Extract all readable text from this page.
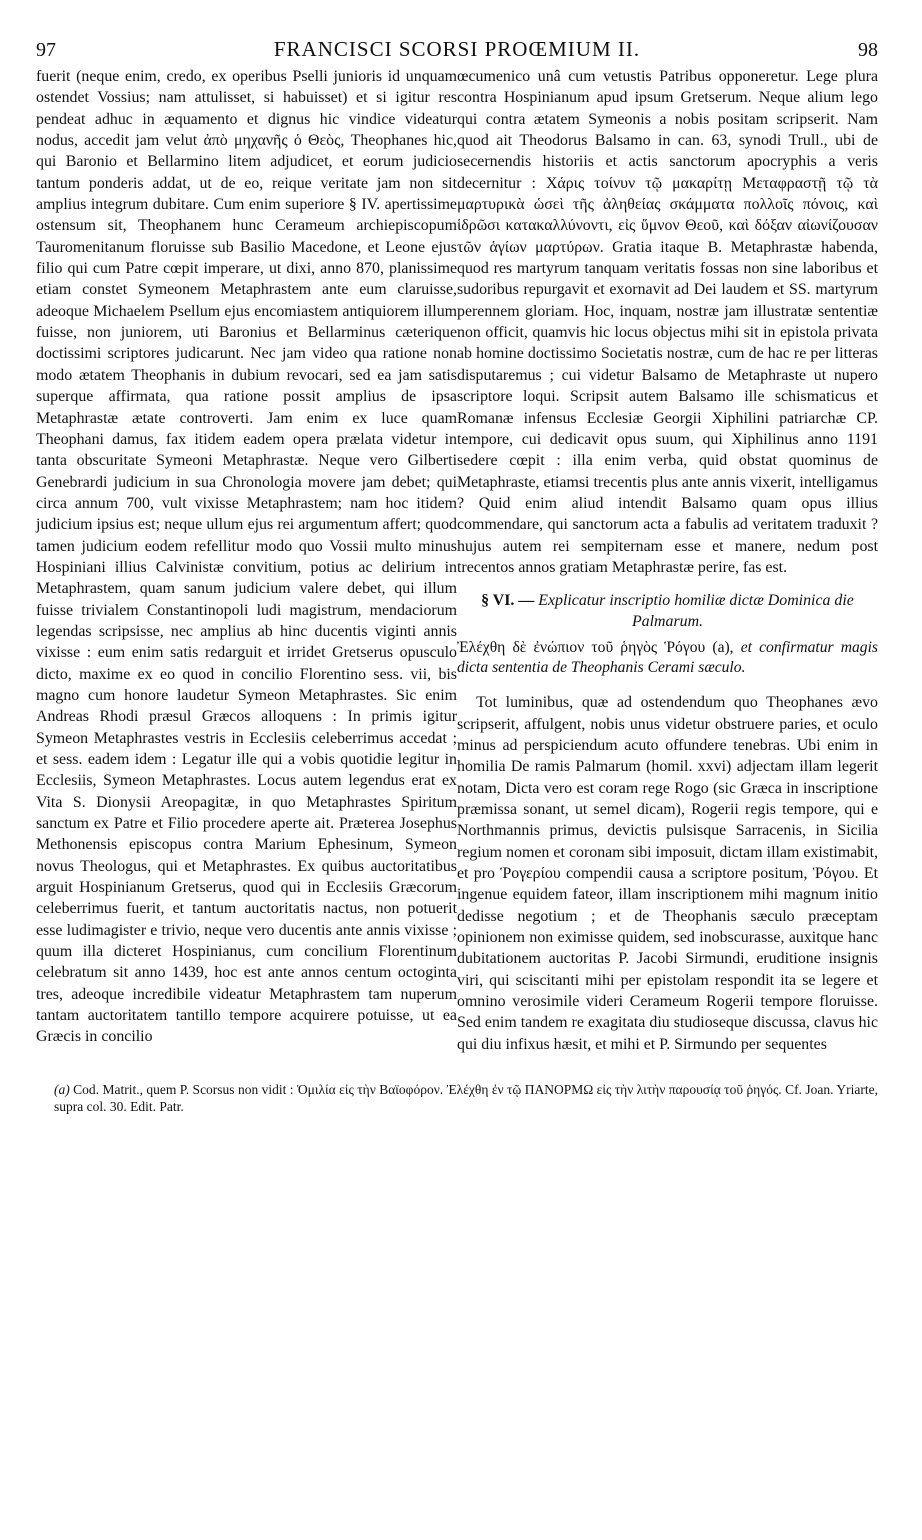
97	FRANCISCI SCORSI PROŒMIUM II.	98

fuerit (neque enim, credo, ex operibus Pselli junioris id unquam ostendet Vossius; nam attulisset, si habuisset) et si igitur res pendeat adhuc in æquamento et dignus hic vindice videatur nodus, accedit jam velut ἀπὸ μηχανῆς ὁ Θεὸς, Theophanes hic, qui Baronio et Bellarmino litem adjudicet, et eorum judicio tantum ponderis addat, ut de eo, reique veritate jam non sit amplius integrum dubitare. Cum enim superiore § IV. apertissime ostensum sit, Theophanem hunc Cerameum archiepiscopum Tauromenitanum floruisse sub Basilio Macedone, et Leone ejus filio qui cum Patre cœpit imperare, ut dixi, anno 870, planissime etiam constet Symeonem Metaphrastem ante eum claruisse, adeoque Michaelem Psellum ejus encomiastem antiquiorem illum fuisse, non juniorem, uti Baronius et Bellarminus cæterique doctissimi scriptores judicarunt. Nec jam video qua ratione non modo ætatem Theophanis in dubium revocari, sed ea jam satis superque affirmata, qua ratione possit amplius de ipsa Metaphrastæ ætate controverti. Jam enim ex luce quam Theophani damus, fax itidem eadem opera prælata videtur in tanta obscuritate Symeoni Metaphrastæ. Neque vero Gilberti Genebrardi judicium in sua Chronologia movere jam debet; qui circa annum 700, vult vixisse Metaphrastem; nam hoc itidem judicium ipsius est; neque ullum ejus rei argumentum affert; quod tamen judicium eodem refellitur modo quo Vossii multo minus Hospiniani illius Calvinistæ convitium, potius ac delirium in Metaphrastem, quam sanum judicium valere debet, qui illum fuisse trivialem Constantinopoli ludi magistrum, mendaciorum legendas scripsisse, nec amplius ab hinc ducentis viginti annis vixisse : eum enim satis redarguit et irridet Gretserus opusculo dicto, maxime ex eo quod in concilio Florentino sess. vii, bis magno cum honore laudetur Symeon Metaphrastes. Sic enim Andreas Rhodi præsul Græcos alloquens : In primis igitur Symeon Metaphrastes vestris in Ecclesiis celeberrimus accedat ; et sess. eadem idem : Legatur ille qui a vobis quotidie legitur in Ecclesiis, Symeon Metaphrastes. Locus autem legendus erat ex Vita S. Dionysii Areopagitæ, in quo Metaphrastes Spiritum sanctum ex Patre et Filio procedere aperte ait. Præterea Josephus Methonensis episcopus contra Marium Ephesinum, Symeon novus Theologus, qui et Metaphrastes. Ex quibus auctoritatibus arguit Hospinianum Gretserus, quod qui in Ecclesiis Græcorum celeberrimus fuerit, et tantum auctoritatis nactus, non potuerit esse ludimagister e trivio, neque vero ducentis ante annis vixisse ; quum illa dicteret Hospinianus, cum concilium Florentinum celebratum sit anno 1439, hoc est ante annos centum octoginta tres, adeoque incredibile videatur Metaphrastem tam nuperum tantam auctoritatem tantillo tempore acquirere potuisse, ut ea Græcis in concilio

œcumenico unâ cum vetustis Patribus opponeretur. Lege plura contra Hospinianum apud ipsum Gretserum. Neque alium lego qui contra ætatem Symeonis a nobis positam scripserit. Nam quod ait Theodorus Balsamo in can. 63, synodi Trull., ubi de secernendis historiis et actis sanctorum apocryphis a veris decernitur : Χάρις τοίνυν τῷ μακαρίτῃ Μεταφραστῇ τῷ τὰ μαρτυρικὰ ὡσεὶ τῆς ἀληθείας σκάμματα πολλοῖς πόνοις, καὶ ἱδρῶσι κατακαλλύνοντι, εἰς ὕμνον Θεοῦ, καὶ δόξαν αἰωνίζουσαν τῶν ἁγίων μαρτύρων. Gratia itaque B. Metaphrastæ habenda, quod res martyrum tanquam veritatis fossas non sine laboribus et sudoribus repurgavit et exornavit ad Dei laudem et SS. martyrum perennem gloriam. Hoc, inquam, nostræ jam illustratæ sententiæ non officit, quamvis hic locus objectus mihi sit in epistola privata ab homine doctissimo Societatis nostræ, cum de hac re per litteras disputaremus ; cui videtur Balsamo de Metaphraste ut nupero scriptore loqui. Scripsit autem Balsamo ille schismaticus et Romanæ infensus Ecclesiæ Georgii Xiphilini patriarchæ CP. tempore, cui dedicavit opus suum, qui Xiphilinus anno 1191 sedere cœpit : illa enim verba, quid obstat quominus de Metaphraste, etiamsi trecentis plus ante annis vixerit, intelligamus ? Quid enim aliud intendit Balsamo quam opus illius commendare, qui sanctorum acta a fabulis ad veritatem traduxit ? hujus autem rei sempiternam esse et manere, nedum post trecentos annos gratiam Metaphrastæ perire, fas est.

§ VI. — Explicatur inscriptio homiliæ dictæ Dominica die Palmarum.
Ἐλέχθη δὲ ἐνώπιον τοῦ ῥηγὸς Ῥόγου (a), et confirmatur magis dicta sententia de Theophanis Cerami sæculo.

Tot luminibus, quæ ad ostendendum quo Theophanes ævo scripserit, affulgent, nobis unus videtur obstruere paries, et oculo minus ad perspiciendum acuto offundere tenebras. Ubi enim in homilia De ramis Palmarum (homil. xxvi) adjectam illam legerit notam, Dicta vero est coram rege Rogo (sic Græca in inscriptione præmissa sonant, ut semel dicam), Rogerii regis tempore, qui e Northmannis primus, devictis pulsisque Sarracenis, in Sicilia regium nomen et coronam sibi imposuit, dictam illam existimabit, et pro Ῥογερίου compendii causa a scriptore positum, Ῥόγου. Et ingenue equidem fateor, illam inscriptionem mihi magnum initio dedisse negotium ; et de Theophanis sæculo præceptam opinionem non eximisse quidem, sed inobscurasse, auxitque hanc dubitationem auctoritas P. Jacobi Sirmundi, eruditione insignis viri, qui sciscitanti mihi per epistolam respondit ita se legere et omnino verosimile videri Cerameum Rogerii tempore floruisse. Sed enim tandem re exagitata diu studioseque discussa, clavus hic qui diu infixus hæsit, et mihi et P. Sirmundo per sequentes

(a) Cod. Matrit., quem P. Scorsus non vidit : Ὁμιλία εἰς τὴν Βαϊοφόρον. Ἐλέχθη ἐν τῷ ΠΑΝΟΡΜΩ εἰς τὴν λιτὴν παρουσίᾳ τοῦ ῥηγός. Cf. Joan. Yriarte, supra col. 30. Edit. Patr.
